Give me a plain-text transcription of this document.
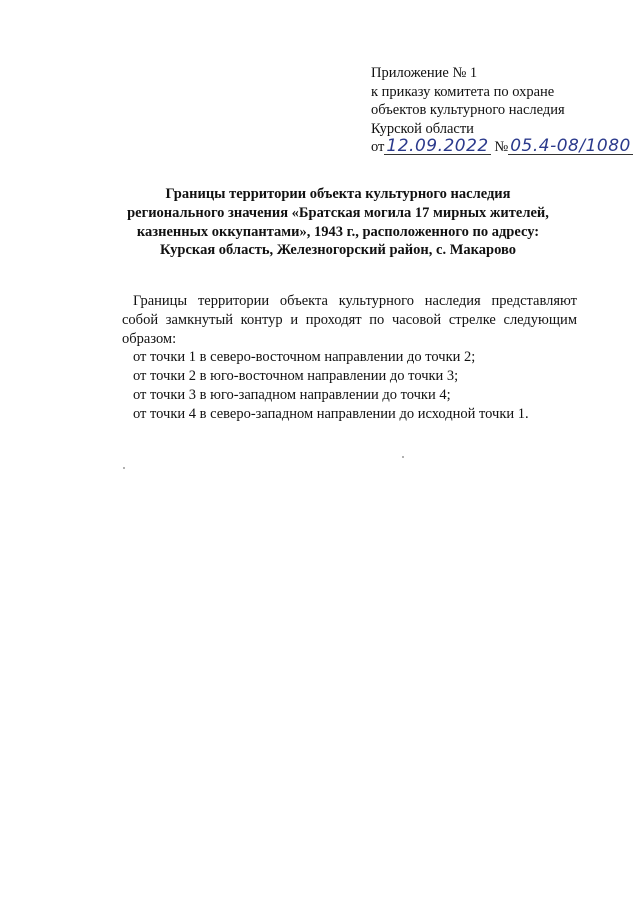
Приложение № 1
к приказу комитета по охране
объектов культурного наследия
Курской области
от 12.09.2022 № 05.4-08/1080
Границы территории объекта культурного наследия
регионального значения «Братская могила 17 мирных жителей,
казненных оккупантами», 1943 г., расположенного по адресу:
Курская область, Железногорский район, с. Макарово
Границы территории объекта культурного наследия представляют собой замкнутый контур и проходят по часовой стрелке следующим образом:
от точки 1 в северо-восточном направлении до точки 2;
от точки 2 в юго-восточном направлении до точки 3;
от точки 3 в юго-западном направлении до точки 4;
от точки 4 в северо-западном направлении до исходной точки 1.
